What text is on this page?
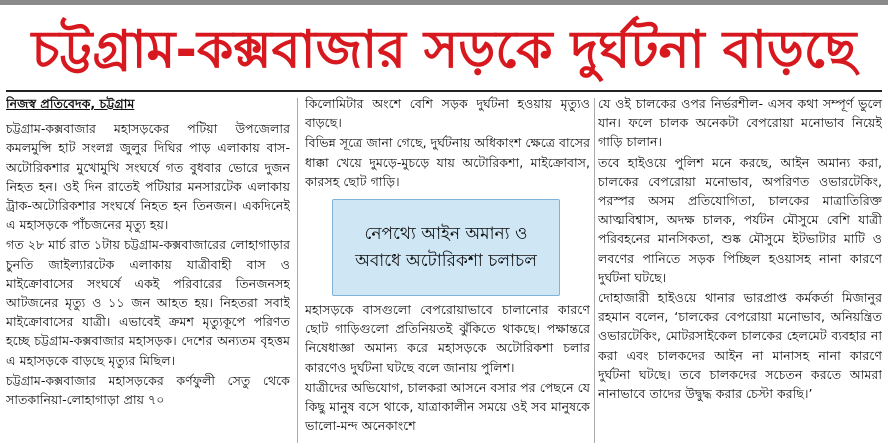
চট্টগ্রাম-কক্সবাজার সড়কে দুর্ঘটনা বাড়ছে

নিজস্ব প্রতিবেদক, চট্টগ্রাম

চট্টগ্রাম-কক্সবাজার মহাসড়কের পটিয়া উপজেলার কমলমুন্সি হাট সংলগ্ন জুলুর দিঘির পাড় এলাকায় বাস-অটোরিকশার মুখোমুখি সংঘর্ষে গত বুধবার ভোরে দুজন নিহত হন। ওই দিন রাতেই পটিয়ার মনসারটেক এলাকায় ট্রাক-অটোরিকশার সংঘর্ষে নিহত হন তিনজন। একদিনেই এ মহাসড়কে পাঁচজনের মৃত্যু হয়।

গত ২৮ মার্চ রাত ১টায় চট্টগ্রাম-কক্সবাজারের লোহাগাড়ার চুনতি জাইল্যারটেক এলাকায় যাত্রীবাহী বাস ও মাইক্রোবাসের সংঘর্ষে একই পরিবারের তিনজনসহ আটজনের মৃত্যু ও ১১ জন আহত হয়। নিহতরা সবাই মাইক্রোবাসের যাত্রী। এভাবেই ক্রমশ মৃত্যুকূপে পরিণত হচ্ছে চট্টগ্রাম-কক্সবাজার মহাসড়ক। দেশের অন্যতম বৃহত্তম এ মহাসড়কে বাড়ছে মৃত্যুর মিছিল।

চট্টগ্রাম-কক্সবাজার মহাসড়কের কর্ণফুলী সেতু থেকে সাতকানিয়া-লোহাগাড়া প্রায় ৭০

কিলোমিটার অংশে বেশি সড়ক দুর্ঘটনা হওয়ায় মৃত্যুও বাড়ছে।

বিভিন্ন সূত্রে জানা গেছে, দুর্ঘটনায় অধিকাংশ ক্ষেত্রে বাসের ধাক্কা খেয়ে দুমড়ে-মুচড়ে যায় অটোরিকশা, মাইক্রোবাস, কারসহ ছোট গাড়ি।

মহাসড়কে বাসগুলো বেপরোয়াভাবে চালানোর কারণে ছোট গাড়িগুলো প্রতিনিয়তই ঝুঁকিতে থাকছে। পক্ষান্তরে নিষেধাজ্ঞা অমান্য করে মহাসড়কে অটোরিকশা চলার কারণেও দুর্ঘটনা ঘটছে বলে জানায় পুলিশ।

যাত্রীদের অভিযোগ, চালকরা আসনে বসার পর পেছনে যে কিছু মানুষ বসে থাকে, যাত্রাকালীন সময়ে ওই সব মানুষকে ভালো-মন্দ অনেকাংশে

নেপথ্যে আইন অমান্য ও অবাধে অটোরিকশা চলাচল

যে ওই চালকের ওপর নির্ভরশীল- এসব কথা সম্পূর্ণ ভুলে যান। ফলে চালক অনেকটা বেপরোয়া মনোভাব নিয়েই গাড়ি চালান।

তবে হাইওয়ে পুলিশ মনে করছে, আইন অমান্য করা, চালকের বেপরোয়া মনোভাব, অপরিণত ওভারটেকিং, পরস্পর অসম প্রতিযোগিতা, চালকের মাত্রাতিরিক্ত আত্মবিশ্বাস, অদক্ষ চালক, পর্যটন মৌসুমে বেশি যাত্রী পরিবহনের মানসিকতা, শুষ্ক মৌসুমে ইটভাটার মাটি ও লবণের পানিতে সড়ক পিচ্ছিল হওয়াসহ নানা কারণে দুর্ঘটনা ঘটছে।

দোহাজারী হাইওয়ে থানার ভারপ্রাপ্ত কর্মকর্তা মিজানুর রহমান বলেন, ‘চালকের বেপরোয়া মনোভাব, অনিয়ন্ত্রিত ওভারটেকিং, মোটরসাইকেল চালকের হেলমেট ব্যবহার না করা এবং চালকদের আইন না মানাসহ নানা কারণে দুর্ঘটনা ঘটছে। তবে চালকদের সচেতন করতে আমরা নানাভাবে তাদের উদ্বুদ্ধ করার চেস্টা করছি।’
